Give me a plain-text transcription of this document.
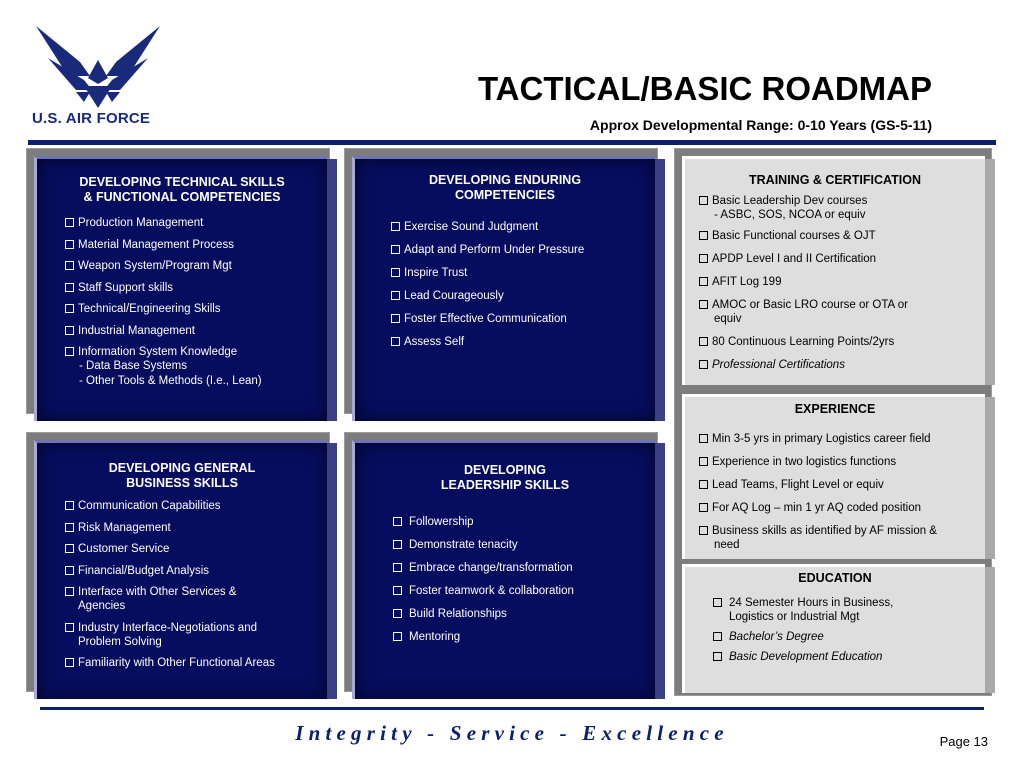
U.S. AIR FORCE
TACTICAL/BASIC ROADMAP
Approx Developmental Range: 0-10 Years (GS-5-11)
DEVELOPING TECHNICAL SKILLS
& FUNCTIONAL COMPETENCIES
Production Management
Material Management Process
Weapon System/Program Mgt
Staff Support skills
Technical/Engineering Skills
Industrial Management
Information System Knowledge
- Data Base Systems
- Other Tools & Methods (I.e., Lean)
DEVELOPING ENDURING
COMPETENCIES
Exercise Sound Judgment
Adapt and Perform Under Pressure
Inspire Trust
Lead Courageously
Foster Effective Communication
Assess Self
DEVELOPING GENERAL
BUSINESS SKILLS
Communication Capabilities
Risk Management
Customer Service
Financial/Budget Analysis
Interface with Other Services &
Agencies
Industry Interface-Negotiations and
Problem Solving
Familiarity with Other Functional Areas
DEVELOPING
LEADERSHIP SKILLS
Followership
Demonstrate tenacity
Embrace change/transformation
Foster teamwork & collaboration
Build Relationships
Mentoring
TRAINING & CERTIFICATION
Basic Leadership Dev courses
- ASBC, SOS, NCOA or equiv
Basic Functional courses & OJT
APDP Level I and II Certification
AFIT Log 199
AMOC or Basic LRO course or OTA or
equiv
80 Continuous Learning Points/2yrs
Professional Certifications
EXPERIENCE
Min 3-5 yrs in primary Logistics career field
Experience in two logistics functions
Lead Teams, Flight Level or equiv
For AQ Log – min 1 yr AQ coded position
Business skills as identified by AF mission &
need
EDUCATION
24 Semester Hours in Business,
Logistics or Industrial Mgt
Bachelor’s Degree
Basic Development Education
Integrity - Service - Excellence	Page 13
